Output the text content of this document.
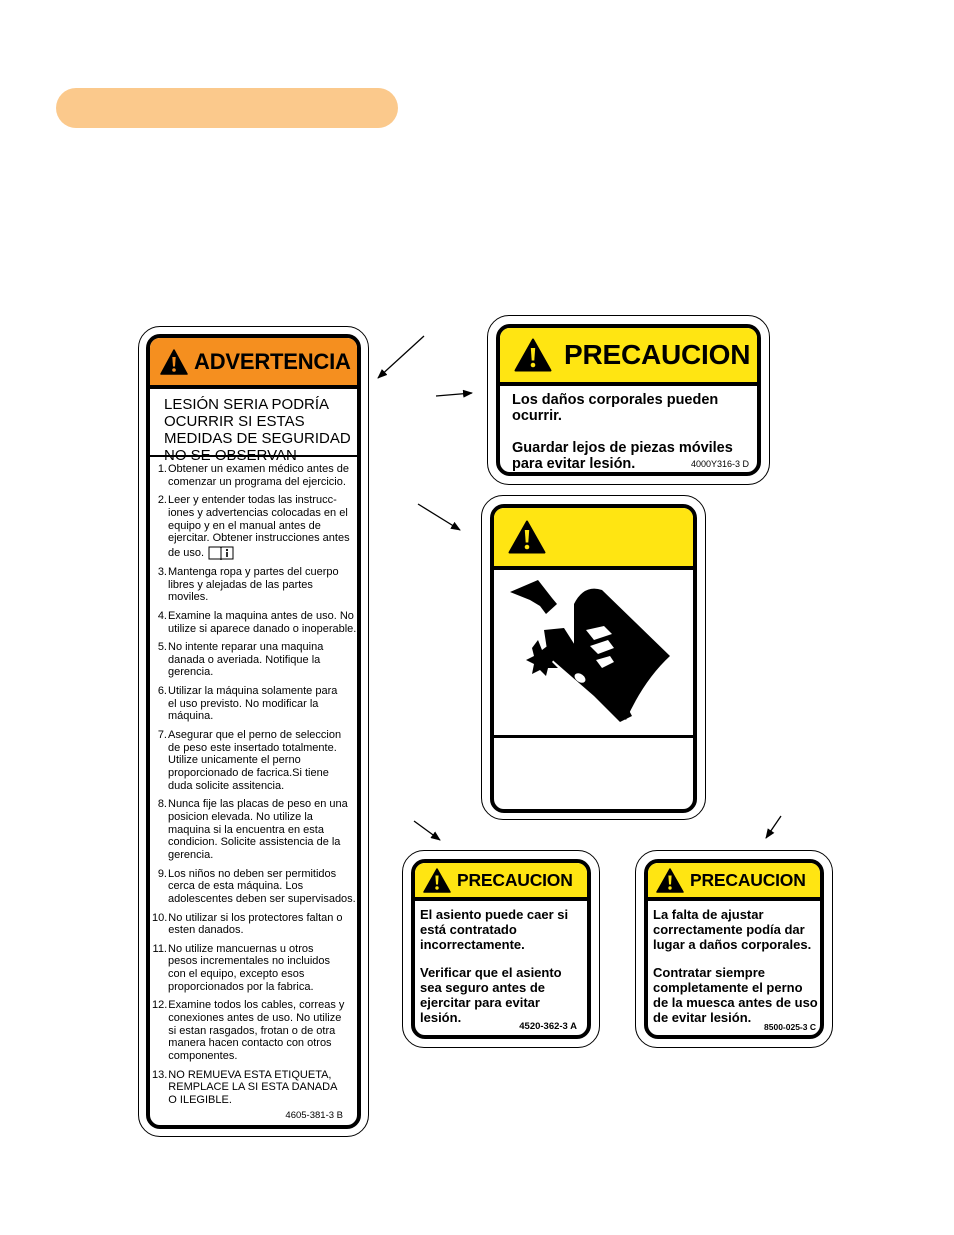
ADVERTENCIA
LESIÓN SERIA PODRÍA
OCURRIR SI ESTAS
MEDIDAS DE SEGURIDAD
NO SE OBSERVAN
1. Obtener un examen médico antes de
comenzar un programa del ejercicio.
2. Leer y entender todas las instrucc-
iones y advertencias colocadas en el
equipo y en el manual antes de
ejercitar. Obtener instrucciones antes
de uso.
3. Mantenga ropa y partes del cuerpo
libres y alejadas de las partes
moviles.
4. Examine la maquina antes de uso. No
utilize si aparece danado o inoperable.
5. No intente reparar una maquina
danada o averiada. Notifique la
gerencia.
6. Utilizar la máquina solamente para
el uso previsto. No modificar la
máquina.
7. Asegurar que el perno de seleccion
de peso este insertado totalmente.
Utilize unicamente el perno
proporcionado de facrica.Si tiene
duda solicite assitencia.
8. Nunca fije las placas de peso en una
posicion elevada. No utilize la
maquina si la encuentra en esta
condicion. Solicite assistencia de la
gerencia.
9. Los niños no deben ser permitidos
cerca de esta máquina. Los
adolescentes deben ser supervisados.
10. No utilizar si los protectores faltan o
esten danados.
11. No utilize mancuernas u otros
pesos incrementales no incluidos
con el equipo, excepto esos
proporcionados por la fabrica.
12. Examine todos los cables, correas y
conexiones antes de uso. No utilize
si estan rasgados, frotan o de otra
manera hacen contacto con otros
componentes.
13. NO REMUEVA ESTA ETIQUETA,
REMPLACE LA SI ESTA DANADA
O ILEGIBLE.
4605-381-3 B
PRECAUCION
Los daños corporales pueden
ocurrir.
Guardar lejos de piezas móviles
para evitar lesión.	4000Y316-3 D
PRECAUCION
El asiento puede caer si
está contratado
incorrectamente.
Verificar que el asiento
sea seguro antes de
ejercitar para evitar
lesión.
4520-362-3 A
PRECAUCION
La falta de ajustar
correctamente podía dar
lugar a daños corporales.
Contratar siempre
completamente el perno
de la muesca antes de uso
de evitar lesión.
8500-025-3 C
